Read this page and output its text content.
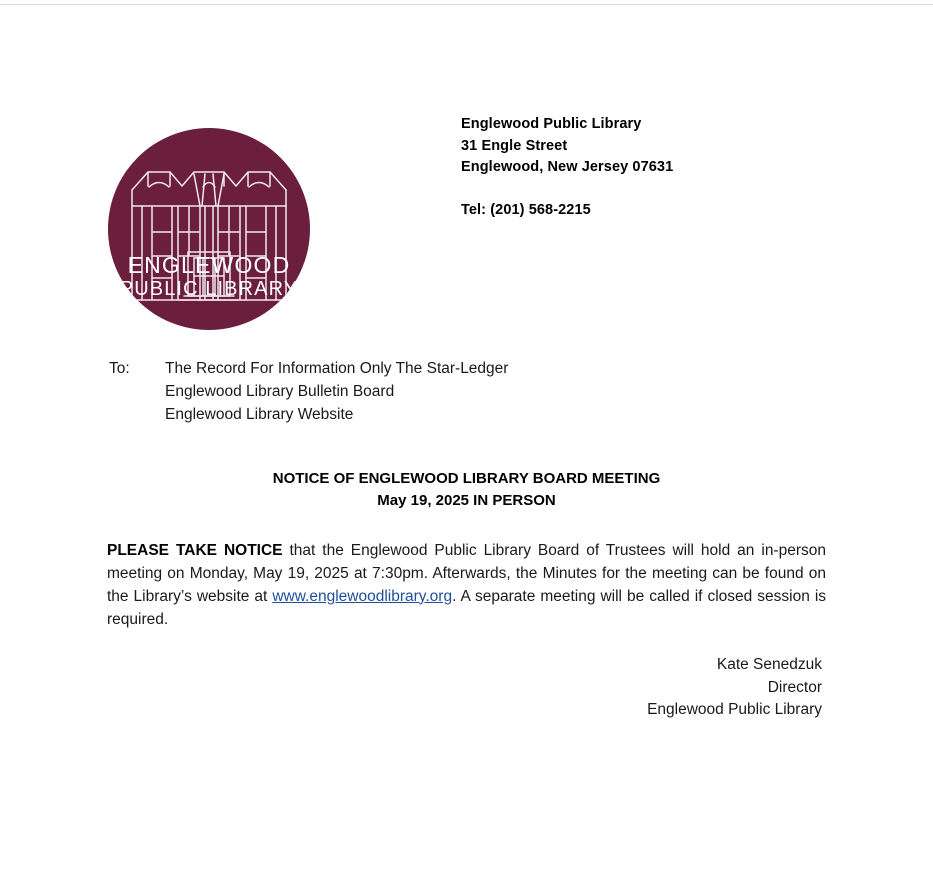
ENGLEWOOD
PUBLIC LIBRARY
Englewood Public Library
31 Engle Street
Englewood, New Jersey 07631
Tel: (201) 568-2215
To:	The Record For Information Only The Star-Ledger
Englewood Library Bulletin Board
Englewood Library Website
NOTICE OF ENGLEWOOD LIBRARY BOARD MEETING
May 19, 2025 IN PERSON

PLEASE TAKE NOTICE that the Englewood Public Library Board of Trustees will hold an in-person meeting on Monday, May 19, 2025 at 7:30pm. Afterwards, the Minutes for the meeting can be found on the Library’s website at www.englewoodlibrary.org. A separate meeting will be called if closed session is required.

Kate Senedzuk
Director
Englewood Public Library
